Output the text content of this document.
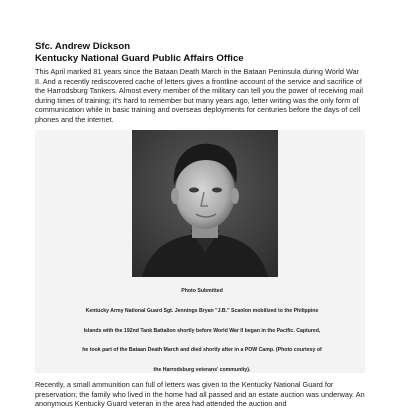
Sfc. Andrew Dickson

Kentucky National Guard Public Affairs Office

This April marked 81 years since the Bataan Death March in the Bataan Peninsula during World War II. And a recently rediscovered cache of letters gives a frontline account of the service and sacrifice of the Harrodsburg Tankers. Almost every member of the military can tell you the power of receiving mail during times of training; it's hard to remember but many years ago, letter writing was the only form of communication while in basic training and overseas deployments for centuries before the days of cell phones and the internet.

Photo Submitted
Kentucky Army National Guard Sgt. Jennings Bryan "J.B." Scanlon mobilized to the Philippine
Islands with the 192nd Tank Battalion shortly before World War II began in the Pacific. Captured,
he took part of the Bataan Death March and died shortly after in a POW Camp. (Photo courtesy of
the Harrodsburg veterans' community).

Recently, a small ammunition can full of letters was given to the Kentucky National Guard for preservation; the family who lived in the home had all passed and an estate auction was underway. An anonymous Kentucky Guard veteran in the area had attended the auction and
